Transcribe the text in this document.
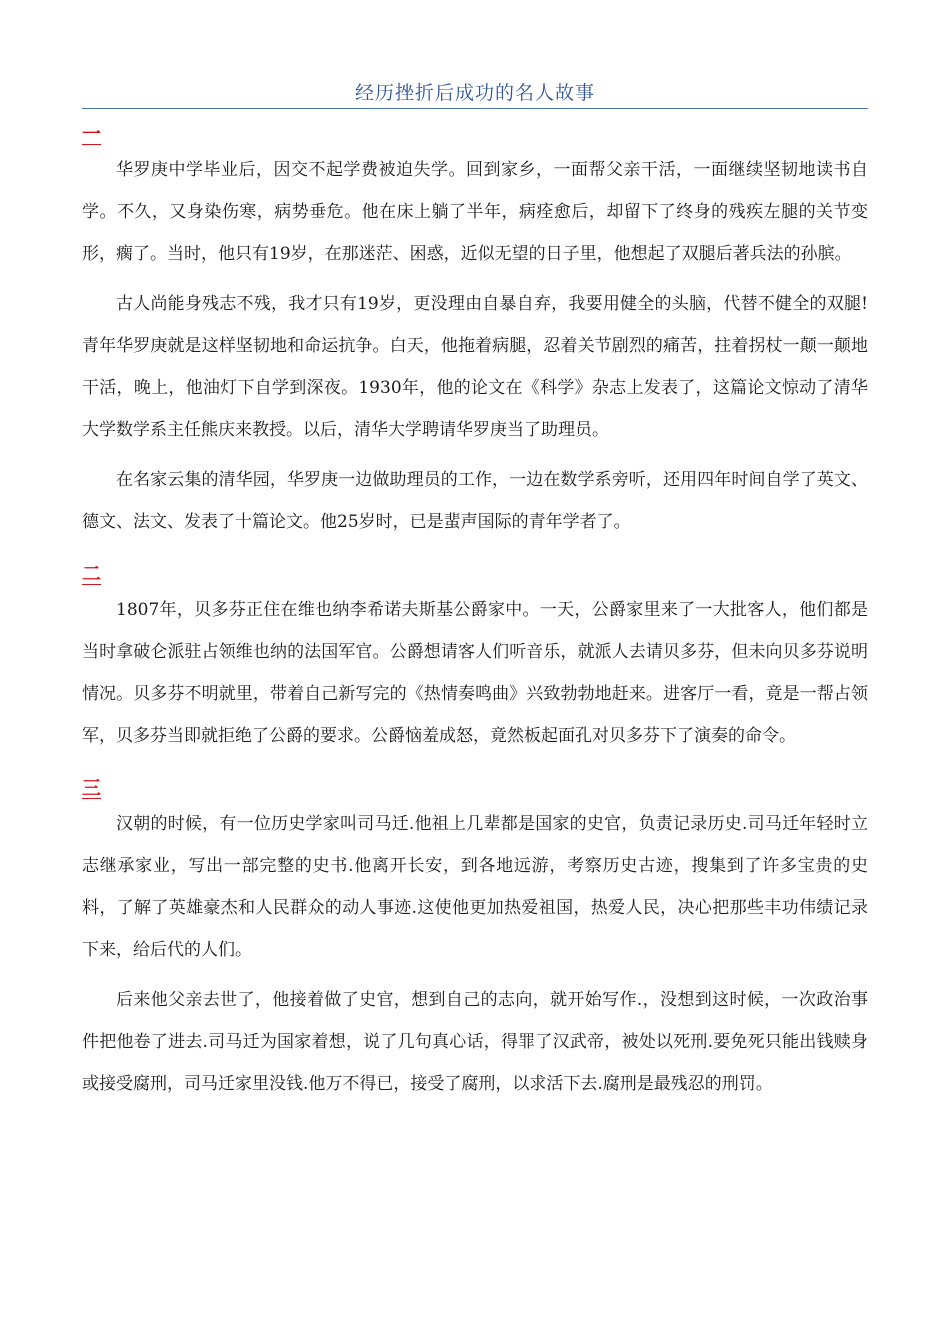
经历挫折后成功的名人故事
一

华罗庚中学毕业后，因交不起学费被迫失学。回到家乡，一面帮父亲干活，一面继续坚韧地读书自学。不久，又身染伤寒，病势垂危。他在床上躺了半年，病痊愈后，却留下了终身的残疾左腿的关节变形，瘸了。当时，他只有19岁，在那迷茫、困惑，近似无望的日子里，他想起了双腿后著兵法的孙膑。

古人尚能身残志不残，我才只有19岁，更没理由自暴自弃，我要用健全的头脑，代替不健全的双腿!青年华罗庚就是这样坚韧地和命运抗争。白天，他拖着病腿，忍着关节剧烈的痛苦，拄着拐杖一颠一颠地干活，晚上，他油灯下自学到深夜。1930年，他的论文在《科学》杂志上发表了，这篇论文惊动了清华大学数学系主任熊庆来教授。以后，清华大学聘请华罗庚当了助理员。

在名家云集的清华园，华罗庚一边做助理员的工作，一边在数学系旁听，还用四年时间自学了英文、德文、法文、发表了十篇论文。他25岁时，已是蜚声国际的青年学者了。

二

1807年，贝多芬正住在维也纳李希诺夫斯基公爵家中。一天，公爵家里来了一大批客人，他们都是当时拿破仑派驻占领维也纳的法国军官。公爵想请客人们听音乐，就派人去请贝多芬，但未向贝多芬说明情况。贝多芬不明就里，带着自己新写完的《热情奏鸣曲》兴致勃勃地赶来。进客厅一看，竟是一帮占领军，贝多芬当即就拒绝了公爵的要求。公爵恼羞成怒，竟然板起面孔对贝多芬下了演奏的命令。

三

汉朝的时候，有一位历史学家叫司马迁.他祖上几辈都是国家的史官，负责记录历史.司马迁年轻时立志继承家业，写出一部完整的史书.他离开长安，到各地远游，考察历史古迹，搜集到了许多宝贵的史料，了解了英雄豪杰和人民群众的动人事迹.这使他更加热爱祖国，热爱人民，决心把那些丰功伟绩记录下来，给后代的人们。

后来他父亲去世了，他接着做了史官，想到自己的志向，就开始写作.，没想到这时候，一次政治事件把他卷了进去.司马迁为国家着想，说了几句真心话，得罪了汉武帝，被处以死刑.要免死只能出钱赎身或接受腐刑，司马迁家里没钱.他万不得已，接受了腐刑，以求活下去.腐刑是最残忍的刑罚。
